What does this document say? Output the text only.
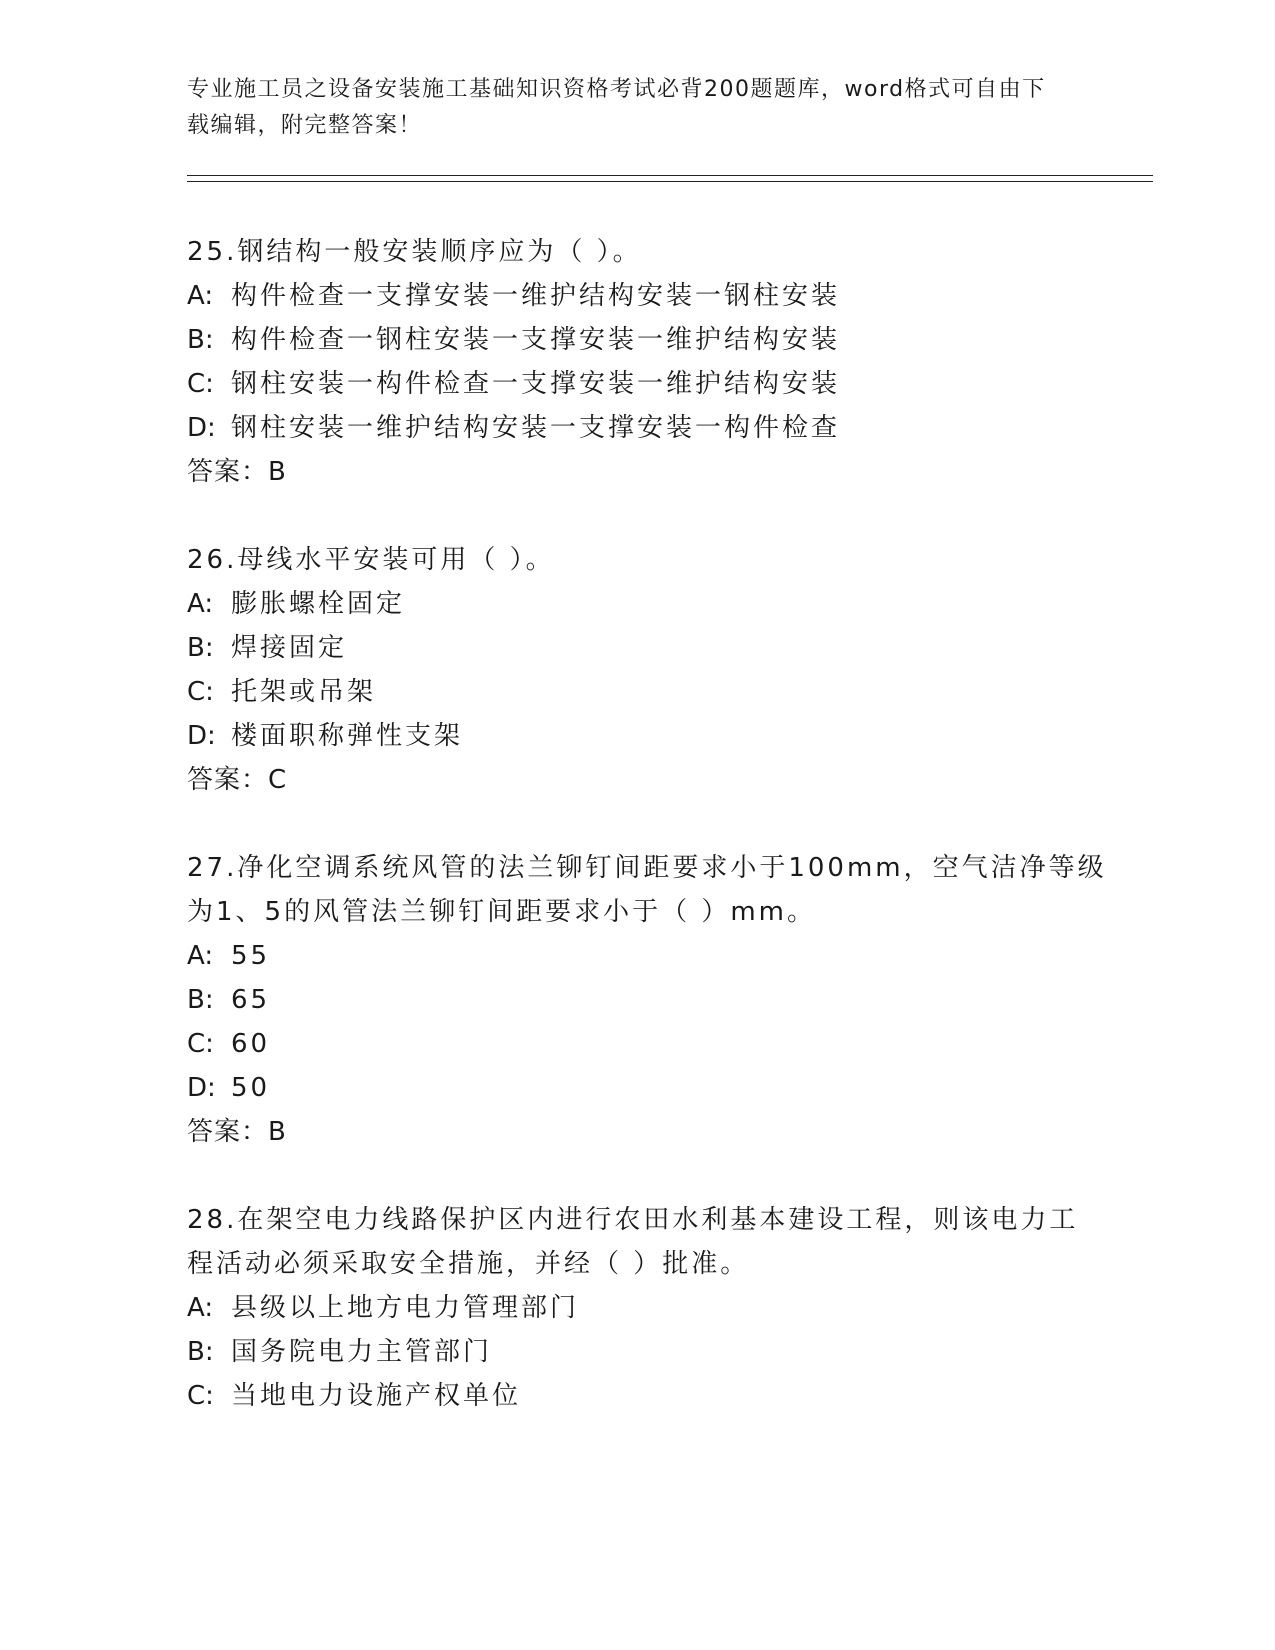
专业施工员之设备安装施工基础知识资格考试必背200题题库，word格式可自由下载编辑，附完整答案！
25.钢结构一般安装顺序应为（ ）。
A: 构件检查一支撑安装一维护结构安装一钢柱安装
B: 构件检查一钢柱安装一支撑安装一维护结构安装
C: 钢柱安装一构件检查一支撑安装一维护结构安装
D: 钢柱安装一维护结构安装一支撑安装一构件检查
答案：B
26.母线水平安装可用（ ）。
A: 膨胀螺栓固定
B: 焊接固定
C: 托架或吊架
D: 楼面职称弹性支架
答案：C
27.净化空调系统风管的法兰铆钉间距要求小于100mm，空气洁净等级
为1、5的风管法兰铆钉间距要求小于（ ）mm。
A: 55
B: 65
C: 60
D: 50
答案：B
28.在架空电力线路保护区内进行农田水利基本建设工程，则该电力工
程活动必须采取安全措施，并经（ ）批准。
A: 县级以上地方电力管理部门
B: 国务院电力主管部门
C: 当地电力设施产权单位
